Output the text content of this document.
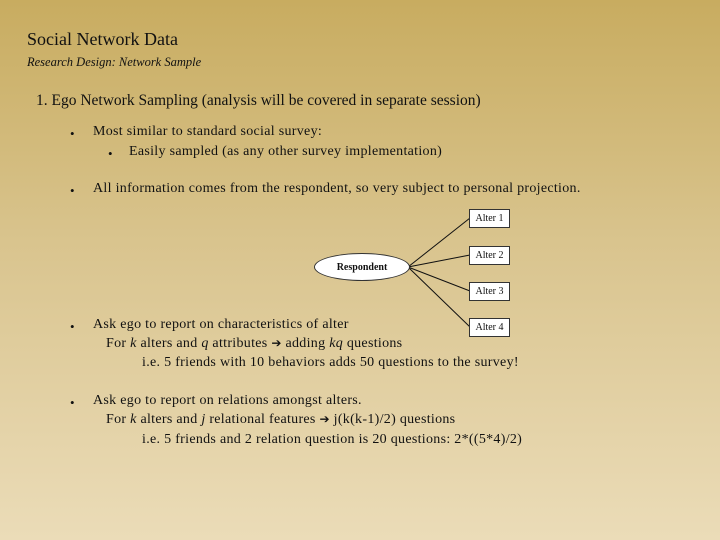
Social Network Data
Research Design: Network Sample
1. Ego Network Sampling (analysis will be covered in separate session)
• Most similar to standard social survey:
• Easily sampled (as any other survey implementation)
• All information comes from the respondent, so very subject to personal projection.
Respondent
Alter 1
Alter 2
Alter 3
Alter 4
• Ask ego to report on characteristics of alter
For k alters and q attributes ➔ adding kq questions
i.e. 5 friends with 10 behaviors adds 50 questions to the survey!
• Ask ego to report on relations amongst alters.
For k alters and j relational features ➔ j(k(k-1)/2) questions
i.e. 5 friends and 2 relation question is 20 questions: 2*((5*4)/2)
